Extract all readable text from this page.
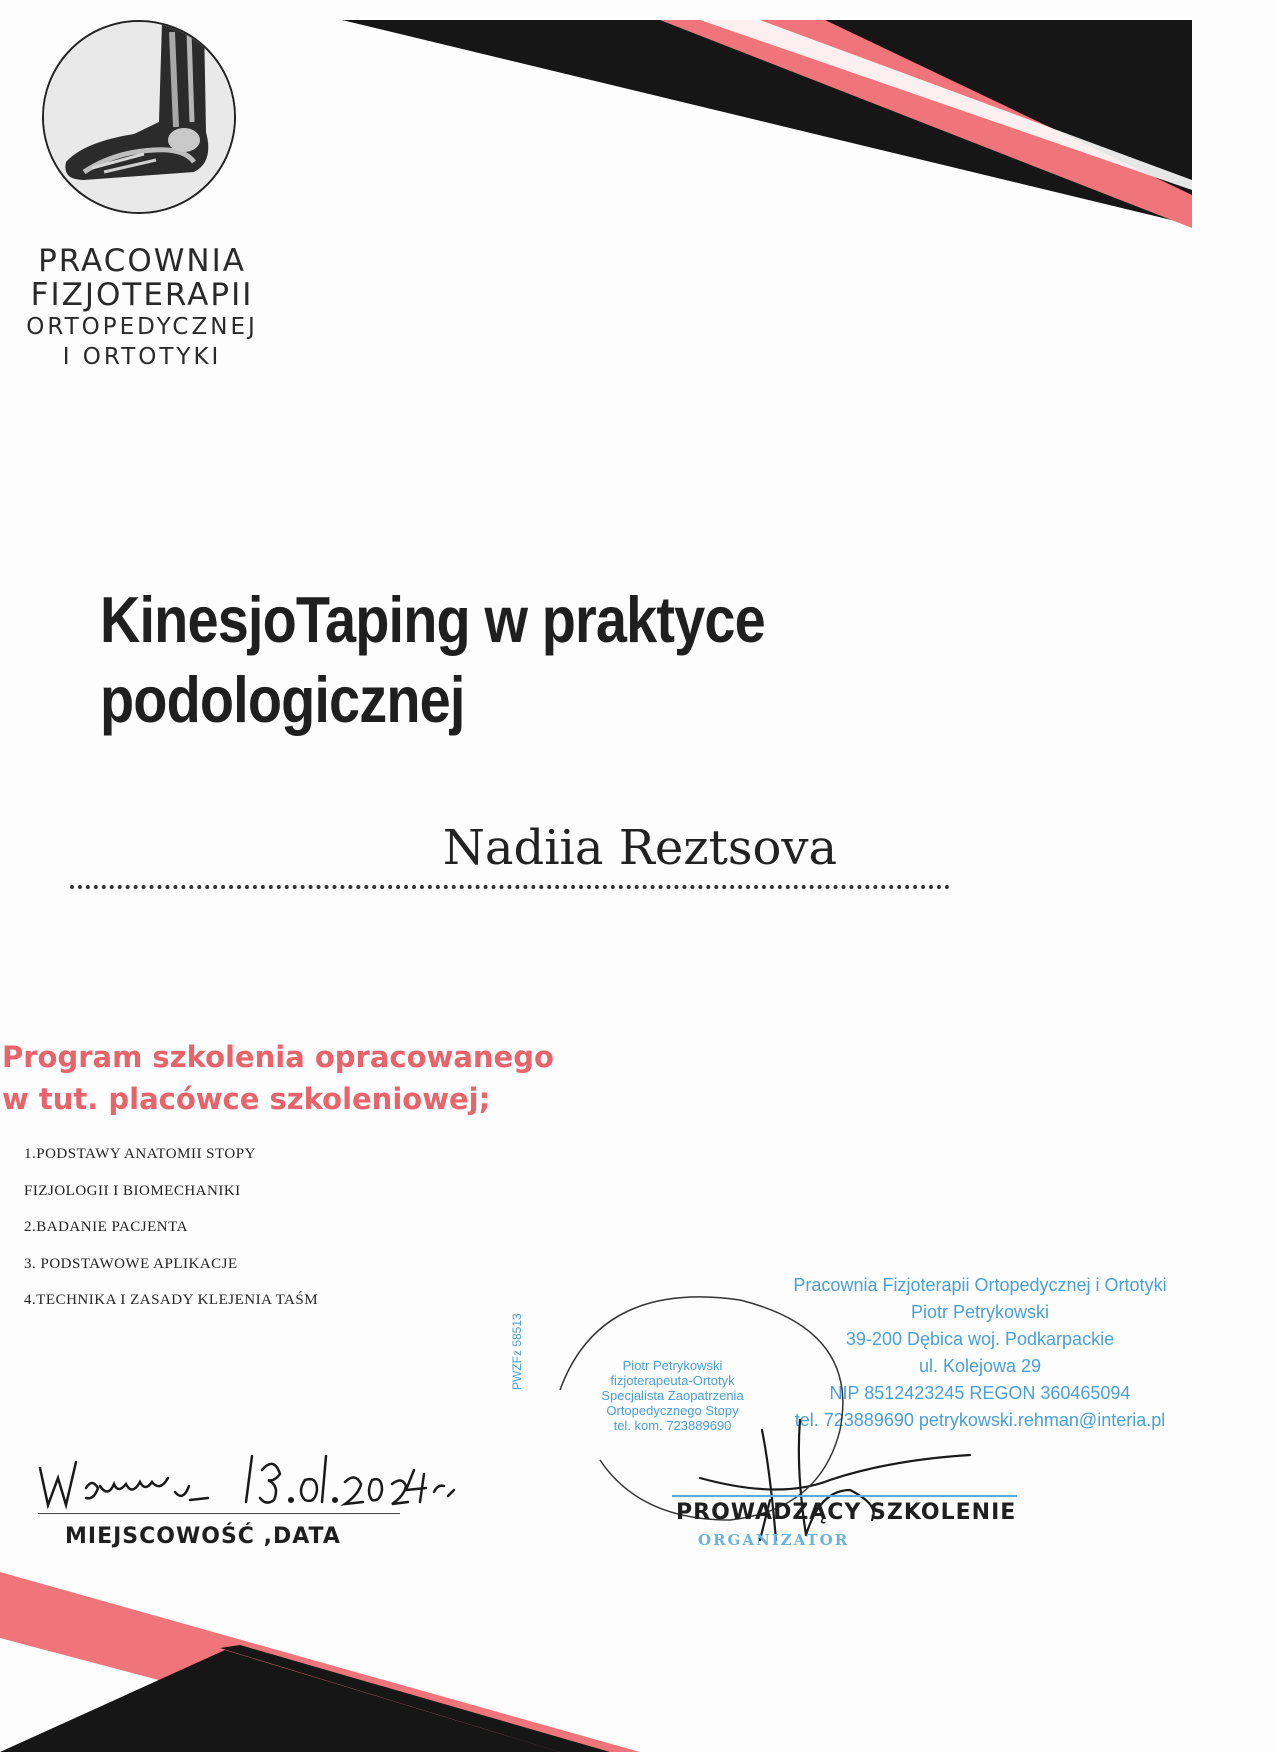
PRACOWNIA
FIZJOTERAPII
ORTOPEDYCZNEJ
I ORTOTYKI
KinesjoTaping w praktyce
podologicznej
Nadiia Reztsova
Program szkolenia opracowanego
w tut. placówce szkoleniowej;
1.PODSTAWY ANATOMII STOPY
FIZJOLOGII I BIOMECHANIKI
2.BADANIE PACJENTA
3. PODSTAWOWE APLIKACJE
4.TECHNIKA I ZASADY KLEJENIA TAŚM
Pracownia Fizjoterapii Ortopedycznej i Ortotyki
Piotr Petrykowski
39-200 Dębica woj. Podkarpackie
ul. Kolejowa 29
NIP 8512423245 REGON 360465094
tel. 723889690 petrykowski.rehman@interia.pl
Piotr Petrykowski
fizjoterapeuta-Ortotyk
Specjalista Zaopatrzenia
Ortopedycznego Stopy
tel. kom. 723889690
PWZFz 58513
MIEJSCOWOŚĆ ,DATA
PROWADZĄCY SZKOLENIE
ORGANIZATOR
